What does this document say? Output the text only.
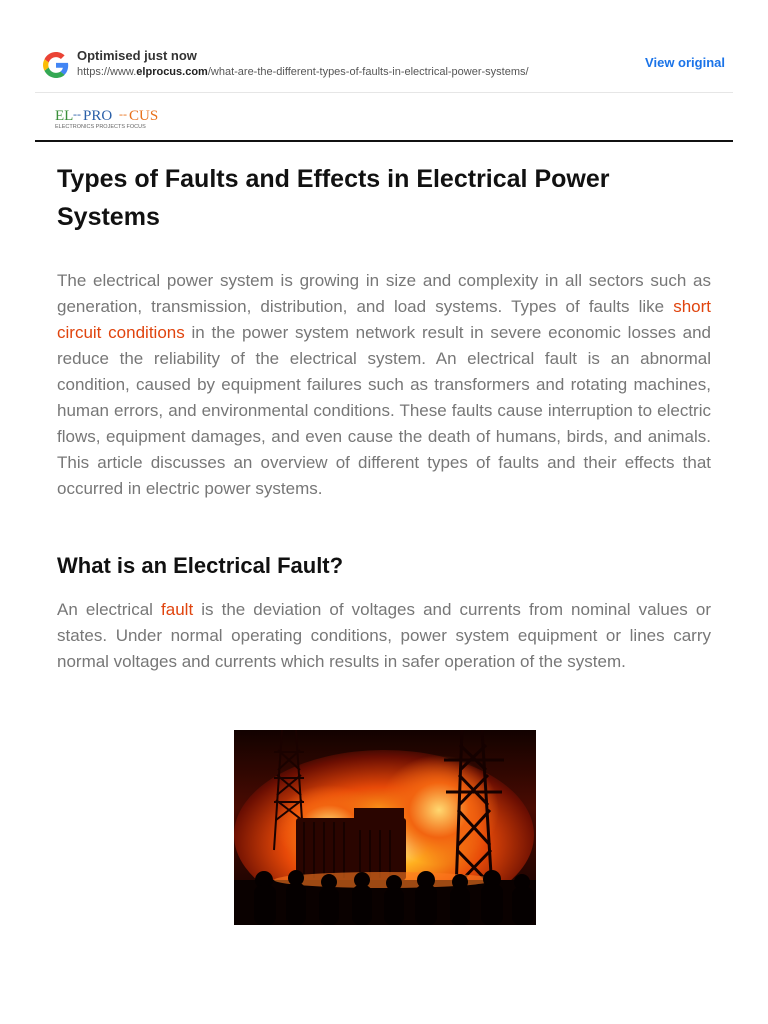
Optimised just now
https://www.elprocus.com/what-are-the-different-types-of-faults-in-electrical-power-systems/
View original
EL -- PRO -- CUS
ELECTRONICS PROJECTS FOCUS
Types of Faults and Effects in Electrical Power Systems

The electrical power system is growing in size and complexity in all sectors such as generation, transmission, distribution, and load systems. Types of faults like short circuit conditions in the power system network result in severe economic losses and reduce the reliability of the electrical system. An electrical fault is an abnormal condition, caused by equipment failures such as transformers and rotating machines, human errors, and environmental conditions. These faults cause interruption to electric flows, equipment damages, and even cause the death of humans, birds, and animals. This article discusses an overview of different types of faults and their effects that occurred in electric power systems.

What is an Electrical Fault?

An electrical fault is the deviation of voltages and currents from nominal values or states. Under normal operating conditions, power system equipment or lines carry normal voltages and currents which results in safer operation of the system.
